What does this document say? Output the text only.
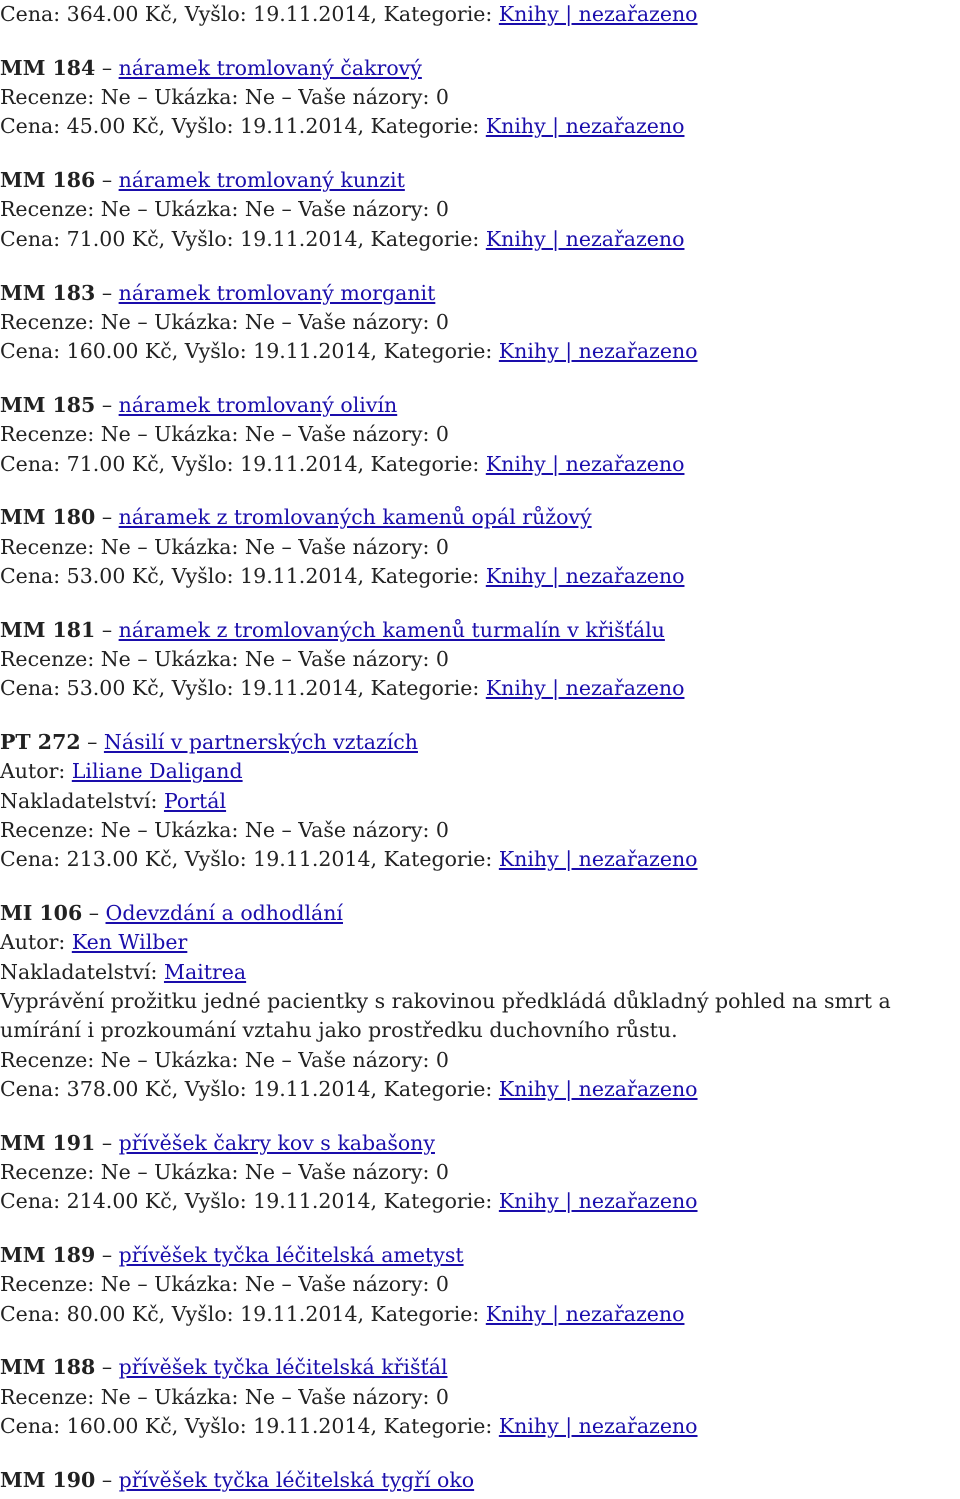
Cena: 364.00 Kč, Vyšlo: 19.11.2014, Kategorie: Knihy | nezařazeno
MM 184 – náramek tromlovaný čakrový
Recenze: Ne – Ukázka: Ne – Vaše názory: 0
Cena: 45.00 Kč, Vyšlo: 19.11.2014, Kategorie: Knihy | nezařazeno
MM 186 – náramek tromlovaný kunzit
Recenze: Ne – Ukázka: Ne – Vaše názory: 0
Cena: 71.00 Kč, Vyšlo: 19.11.2014, Kategorie: Knihy | nezařazeno
MM 183 – náramek tromlovaný morganit
Recenze: Ne – Ukázka: Ne – Vaše názory: 0
Cena: 160.00 Kč, Vyšlo: 19.11.2014, Kategorie: Knihy | nezařazeno
MM 185 – náramek tromlovaný olivín
Recenze: Ne – Ukázka: Ne – Vaše názory: 0
Cena: 71.00 Kč, Vyšlo: 19.11.2014, Kategorie: Knihy | nezařazeno
MM 180 – náramek z tromlovaných kamenů opál růžový
Recenze: Ne – Ukázka: Ne – Vaše názory: 0
Cena: 53.00 Kč, Vyšlo: 19.11.2014, Kategorie: Knihy | nezařazeno
MM 181 – náramek z tromlovaných kamenů turmalín v křišťálu
Recenze: Ne – Ukázka: Ne – Vaše názory: 0
Cena: 53.00 Kč, Vyšlo: 19.11.2014, Kategorie: Knihy | nezařazeno
PT 272 – Násilí v partnerských vztazích
Autor: Liliane Daligand
Nakladatelství: Portál
Recenze: Ne – Ukázka: Ne – Vaše názory: 0
Cena: 213.00 Kč, Vyšlo: 19.11.2014, Kategorie: Knihy | nezařazeno
MI 106 – Odevzdání a odhodlání
Autor: Ken Wilber
Nakladatelství: Maitrea
Vyprávění prožitku jedné pacientky s rakovinou předkládá důkladný pohled na smrt a umírání i prozkoumání vztahu jako prostředku duchovního růstu.
Recenze: Ne – Ukázka: Ne – Vaše názory: 0
Cena: 378.00 Kč, Vyšlo: 19.11.2014, Kategorie: Knihy | nezařazeno
MM 191 – přívěšek čakry kov s kabašony
Recenze: Ne – Ukázka: Ne – Vaše názory: 0
Cena: 214.00 Kč, Vyšlo: 19.11.2014, Kategorie: Knihy | nezařazeno
MM 189 – přívěšek tyčka léčitelská ametyst
Recenze: Ne – Ukázka: Ne – Vaše názory: 0
Cena: 80.00 Kč, Vyšlo: 19.11.2014, Kategorie: Knihy | nezařazeno
MM 188 – přívěšek tyčka léčitelská křišťál
Recenze: Ne – Ukázka: Ne – Vaše názory: 0
Cena: 160.00 Kč, Vyšlo: 19.11.2014, Kategorie: Knihy | nezařazeno
MM 190 – přívěšek tyčka léčitelská tygří oko
